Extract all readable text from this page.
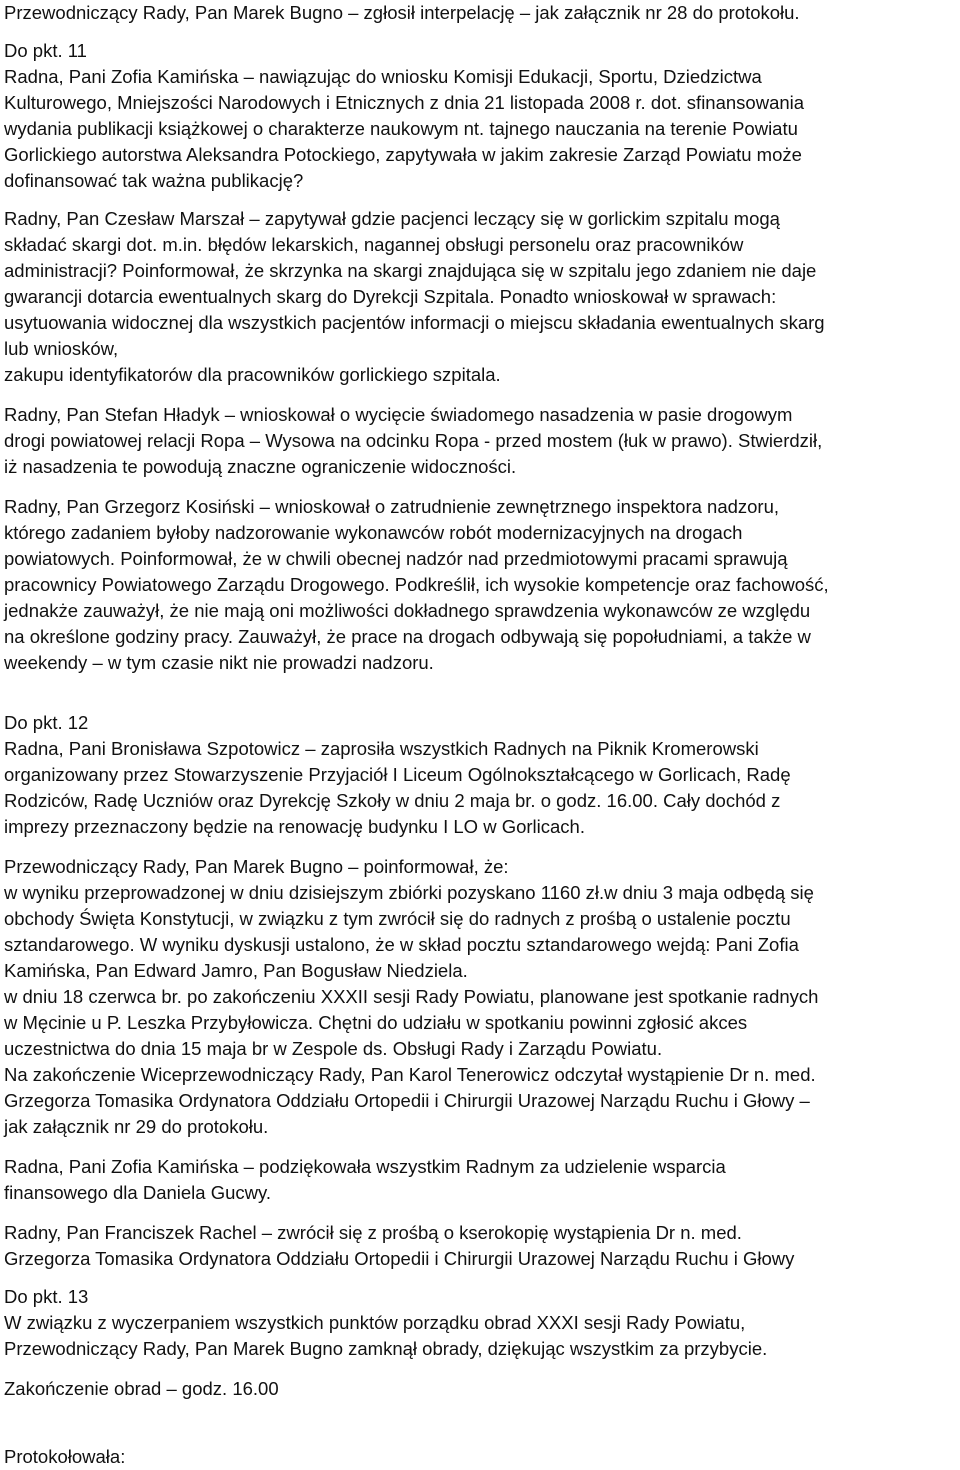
Przewodniczący Rady, Pan Marek Bugno – zgłosił interpelację – jak załącznik nr 28 do protokołu.
Do pkt. 11
Radna, Pani Zofia Kamińska – nawiązując do wniosku Komisji Edukacji, Sportu, Dziedzictwa
Kulturowego, Mniejszości Narodowych i Etnicznych z dnia 21 listopada 2008 r. dot. sfinansowania
wydania publikacji książkowej o charakterze naukowym nt. tajnego nauczania na terenie Powiatu
Gorlickiego autorstwa Aleksandra Potockiego, zapytywała w jakim zakresie Zarząd Powiatu może
dofinansować tak ważna publikację?
Radny, Pan Czesław Marszał – zapytywał gdzie pacjenci leczący się w gorlickim szpitalu mogą
składać skargi dot. m.in. błędów lekarskich, nagannej obsługi personelu oraz pracowników
administracji? Poinformował, że skrzynka na skargi znajdująca się w szpitalu jego zdaniem nie daje
gwarancji dotarcia ewentualnych skarg do Dyrekcji Szpitala. Ponadto wnioskował w sprawach:
usytuowania widocznej dla wszystkich pacjentów informacji o miejscu składania ewentualnych skarg
lub wniosków,
zakupu identyfikatorów dla pracowników gorlickiego szpitala.
Radny, Pan Stefan Hładyk – wnioskował o wycięcie świadomego nasadzenia w pasie drogowym
drogi powiatowej relacji Ropa – Wysowa na odcinku Ropa - przed mostem (łuk w prawo). Stwierdził,
iż nasadzenia te powodują znaczne ograniczenie widoczności.
Radny, Pan Grzegorz Kosiński – wnioskował o zatrudnienie zewnętrznego inspektora nadzoru,
którego zadaniem byłoby nadzorowanie wykonawców robót modernizacyjnych na drogach
powiatowych. Poinformował, że w chwili obecnej nadzór nad przedmiotowymi pracami sprawują
pracownicy Powiatowego Zarządu Drogowego. Podkreślił, ich wysokie kompetencje oraz fachowość,
jednakże zauważył, że nie mają oni możliwości dokładnego sprawdzenia wykonawców ze względu
na określone godziny pracy. Zauważył, że prace na drogach odbywają się popołudniami, a także w
weekendy – w tym czasie nikt nie prowadzi nadzoru.
Do pkt. 12
Radna, Pani Bronisława Szpotowicz – zaprosiła wszystkich Radnych na Piknik Kromerowski
organizowany przez Stowarzyszenie Przyjaciół I Liceum Ogólnokształcącego w Gorlicach, Radę
Rodziców, Radę Uczniów oraz Dyrekcję Szkoły w dniu 2 maja br. o godz. 16.00. Cały dochód z
imprezy przeznaczony będzie na renowację budynku I LO w Gorlicach.
Przewodniczący Rady, Pan Marek Bugno – poinformował, że:
w wyniku przeprowadzonej w dniu dzisiejszym zbiórki pozyskano 1160 zł.w dniu 3 maja odbędą się
obchody Święta Konstytucji, w związku z tym zwrócił się do radnych z prośbą o ustalenie pocztu
sztandarowego. W wyniku dyskusji ustalono, że w skład pocztu sztandarowego wejdą: Pani Zofia
Kamińska, Pan Edward Jamro, Pan Bogusław Niedziela.
w dniu 18 czerwca br. po zakończeniu XXXII sesji Rady Powiatu, planowane jest spotkanie radnych
w Męcinie u P. Leszka Przybyłowicza. Chętni do udziału w spotkaniu powinni zgłosić akces
uczestnictwa do dnia 15 maja br w Zespole ds. Obsługi Rady i Zarządu Powiatu.
Na zakończenie Wiceprzewodniczący Rady, Pan Karol Tenerowicz odczytał wystąpienie Dr n. med.
Grzegorza Tomasika Ordynatora Oddziału Ortopedii i Chirurgii Urazowej Narządu Ruchu i Głowy –
jak załącznik nr 29 do protokołu.
Radna, Pani Zofia Kamińska – podziękowała wszystkim Radnym za udzielenie wsparcia
finansowego dla Daniela Gucwy.
Radny, Pan Franciszek Rachel – zwrócił się z prośbą o kserokopię wystąpienia Dr n. med.
Grzegorza Tomasika Ordynatora Oddziału Ortopedii i Chirurgii Urazowej Narządu Ruchu i Głowy
Do pkt. 13
W związku z wyczerpaniem wszystkich punktów porządku obrad XXXI sesji Rady Powiatu,
Przewodniczący Rady, Pan Marek Bugno zamknął obrady, dziękując wszystkim za przybycie.
Zakończenie obrad – godz. 16.00
Protokołowała:
